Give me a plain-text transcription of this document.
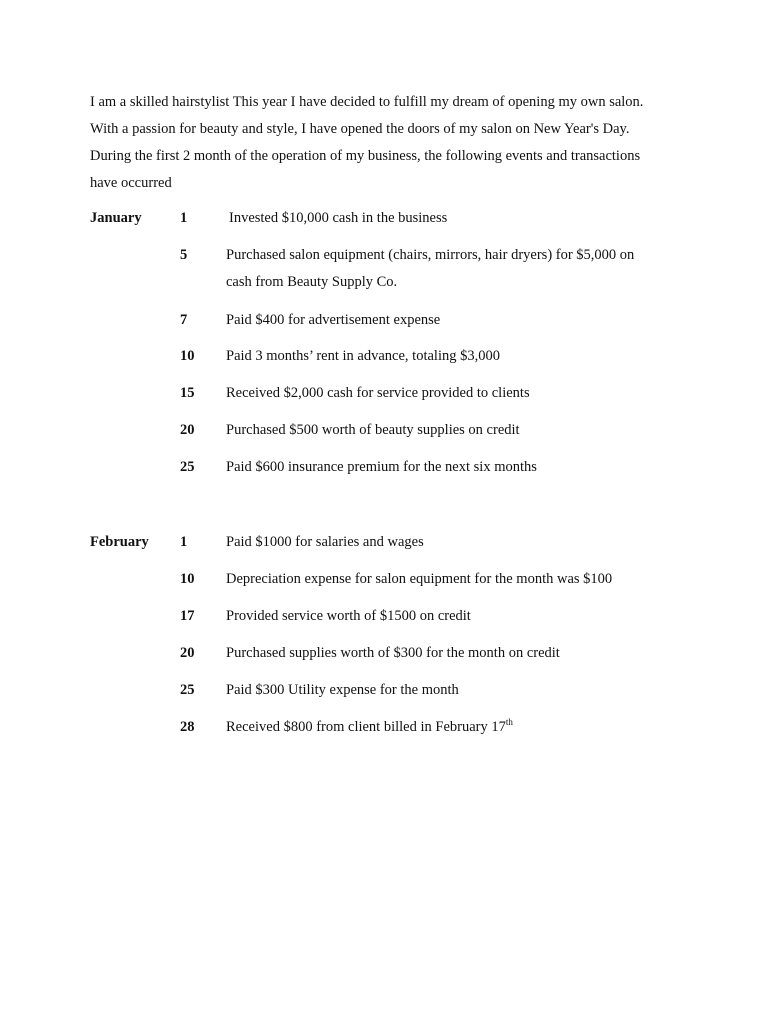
I am a skilled hairstylist This year I have decided to fulfill my dream of opening my own salon.
With a passion for beauty and style, I have opened the doors of my salon on New Year's Day.
During the first 2 month of the operation of my business, the following events and transactions
have occurred
January	1	Invested $10,000 cash in the business
5	Purchased salon equipment (chairs, mirrors, hair dryers) for $5,000 on
cash from Beauty Supply Co.
7	Paid $400 for advertisement expense
10 Paid 3 months’ rent in advance, totaling $3,000
15 Received $2,000 cash for service provided to clients
20 Purchased $500 worth of beauty supplies on credit
25 Paid $600 insurance premium for the next six months
February 1	Paid $1000 for salaries and wages
10 Depreciation expense for salon equipment for the month was $100
17 Provided service worth of $1500 on credit
20 Purchased supplies worth of $300 for the month on credit
25 Paid $300 Utility expense for the month
28 Received $800 from client billed in February 17th
